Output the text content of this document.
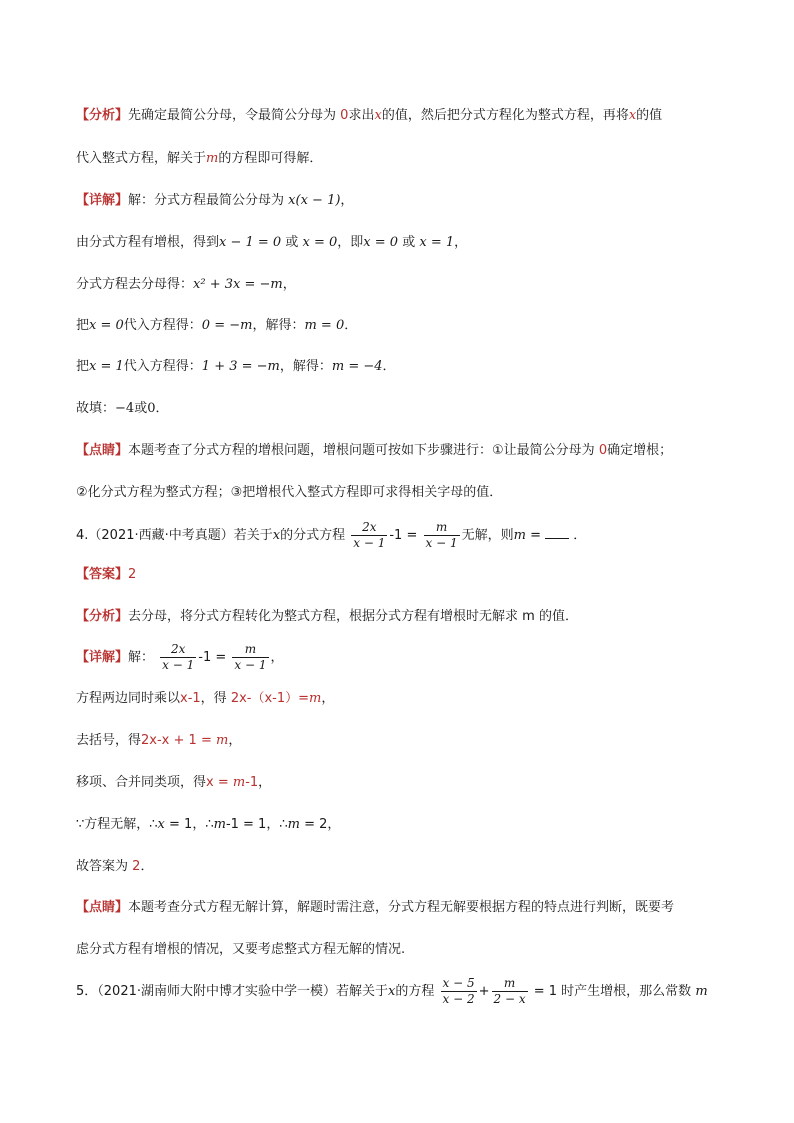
【分析】先确定最简公分母，令最简公分母为 0求出x的值，然后把分式方程化为整式方程，再将x的值
代入整式方程，解关于m的方程即可得解．
【详解】解：分式方程最简公分母为 x(x − 1)，
由分式方程有增根，得到x − 1 = 0 或 x = 0，即x = 0 或 x = 1，
分式方程去分母得：x² + 3x = −m，
把x = 0代入方程得：0 = −m，解得：m = 0．
把x = 1代入方程得：1 + 3 = −m，解得：m = −4．
故填：−4或0．
【点睛】本题考查了分式方程的增根问题，增根问题可按如下步骤进行：①让最简公分母为 0确定增根；
②化分式方程为整式方程；③把增根代入整式方程即可求得相关字母的值．
4.（2021·西藏·中考真题）若关于x的分式方程 $\frac{2x}{x - 1} -1 = \frac{m}{x - 1}$ 无解，则m = ．
【答案】2
【分析】去分母，将分式方程转化为整式方程，根据分式方程有增根时无解求 m 的值．
【详解】解： $\frac{2x}{x - 1} -1 = \frac{m}{x - 1}$ ，
方程两边同时乘以x-1，得 2x-（x-1）=m，
去括号，得2x-x + 1 = m，
移项、合并同类项，得x = m-1，
∵方程无解，∴x = 1，∴m-1 = 1，∴m = 2，
故答案为 2．
【点睛】本题考查分式方程无解计算，解题时需注意，分式方程无解要根据方程的特点进行判断，既要考
虑分式方程有增根的情况，又要考虑整式方程无解的情况.
5．（2021·湖南师大附中博才实验中学一模）若解关于x的方程 $\frac{x - 5}{x - 2} + \frac{m}{2 - x} = 1$ 时产生增根，那么常数 m
